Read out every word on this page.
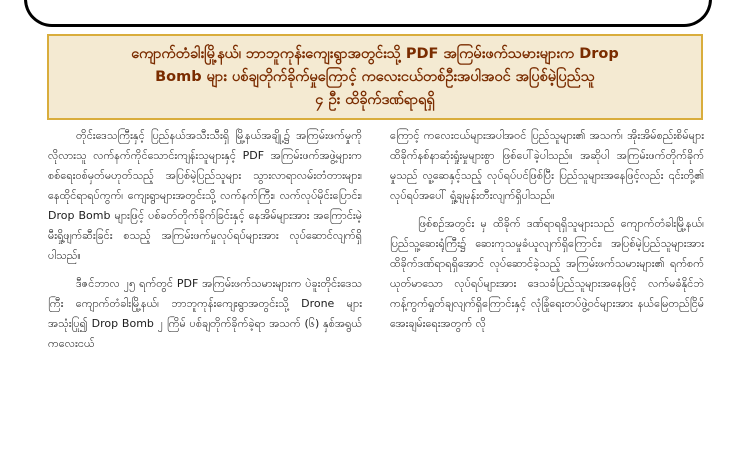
ကျောက်တံခါးမြို့နယ်၊ ဘာဘူကုန်းကျေးရွာအတွင်းသို့ PDF အကြမ်းဖက်သမားများက Drop
Bomb များ ပစ်ချတိုက်ခိုက်မှုကြောင့် ကလေးငယ်တစ်ဦးအပါအဝင် အပြစ်မဲ့ပြည်သူ
၄ ဦး ထိခိုက်ဒဏ်ရာရရှိ

တိုင်းဒေသကြီးနှင့် ပြည်နယ်အသီးသီးရှိ မြို့နယ်အချို့၌ အကြမ်းဖက်မှုကိုလိုလားသူ လက်နက်ကိုင်သောင်းကျန်းသူများနှင့် PDF အကြမ်းဖက်အဖွဲ့များက စစ်ရေးဝစ်မှတ်မဟုတ်သည့် အပြစ်မဲ့ပြည်သူများ သွားလာရာလမ်းတံတားများ၊ နေထိုင်ရာရပ်ကွက်၊ ကျေးရွာများအတွင်းသို့ လက်နက်ကြီး၊ လက်လုပ်မိုင်းပြောင်း၊ Drop Bomb များဖြင့် ပစ်ခတ်တိုက်ခိုက်ခြင်းနှင့် နေအိမ်များအား အကြောင်းမဲ့မီးရှို့ဖျက်ဆီးခြင်း စသည့် အကြမ်းဖက်မှုလုပ်ရပ်များအား လုပ်ဆောင်လျက်ရှိပါသည်။

ဒီဇင်ဘာလ ၂၅ ရက်တွင် PDF အကြမ်းဖက်သမားများက ပဲခူးတိုင်းဒေသကြီး ကျောက်တံခါးမြို့နယ်၊ ဘာဘူကုန်းကျေးရွာအတွင်းသို့ Drone များအသုံးပြု၍ Drop Bomb ၂ ကြိမ် ပစ်ချတိုက်ခိုက်ခဲ့ရာ အသက် (၆) နှစ်အရွယ် ကလေးငယ်

ကြောင့် ကလေးငယ်များအပါအဝင် ပြည်သူများ၏ အသက်၊ အိုးအိမ်စည်းစိမ်များ ထိခိုက်နစ်နာဆုံးရှုံးမှုများစွာ ဖြစ်ပေါ်ခဲ့ပါသည်။ အဆိုပါ အကြမ်းဖက်တိုက်ခိုက်မှုသည် လူ့ဆေနှင့်သည့် လုပ်ရပ်ပင်ဖြစ်ပြီး ပြည်သူများအနေဖြင့်လည်း ၎င်းတို့၏ လုပ်ရပ်အပေါ် ရှုံ့ချမုန်းတီးလျက်ရှိပါသည်။

ဖြစ်စဉ်အတွင်း မှ ထိခိုက် ဒဏ်ရာရရှိသူများသည် ကျောက်တံခါးမြို့နယ်၊ ပြည်သူ့ဆေးရုံကြီး၌ ဆေးကုသမှုခံယူလျက်ရှိကြောင်း၊ အပြစ်မဲ့ပြည်သူများအား ထိခိုက်ဒဏ်ရာရရှိအောင် လုပ်ဆောင်ခဲ့သည့် အကြမ်းဖက်သမားများ၏ ရက်စက်ယုတ်မာသော လုပ်ရပ်များအား ဒေသခံပြည်သူများအနေဖြင့် လက်မခံနိုင်ဘဲ ကန့်ကွက်ရှုတ်ချလျက်ရှိကြောင်းနှင့် လုံခြုံရေးတပ်ဖွဲ့ဝင်များအား နယ်မြေတည်ငြိမ်အေးချမ်းရေးအတွက် လို
